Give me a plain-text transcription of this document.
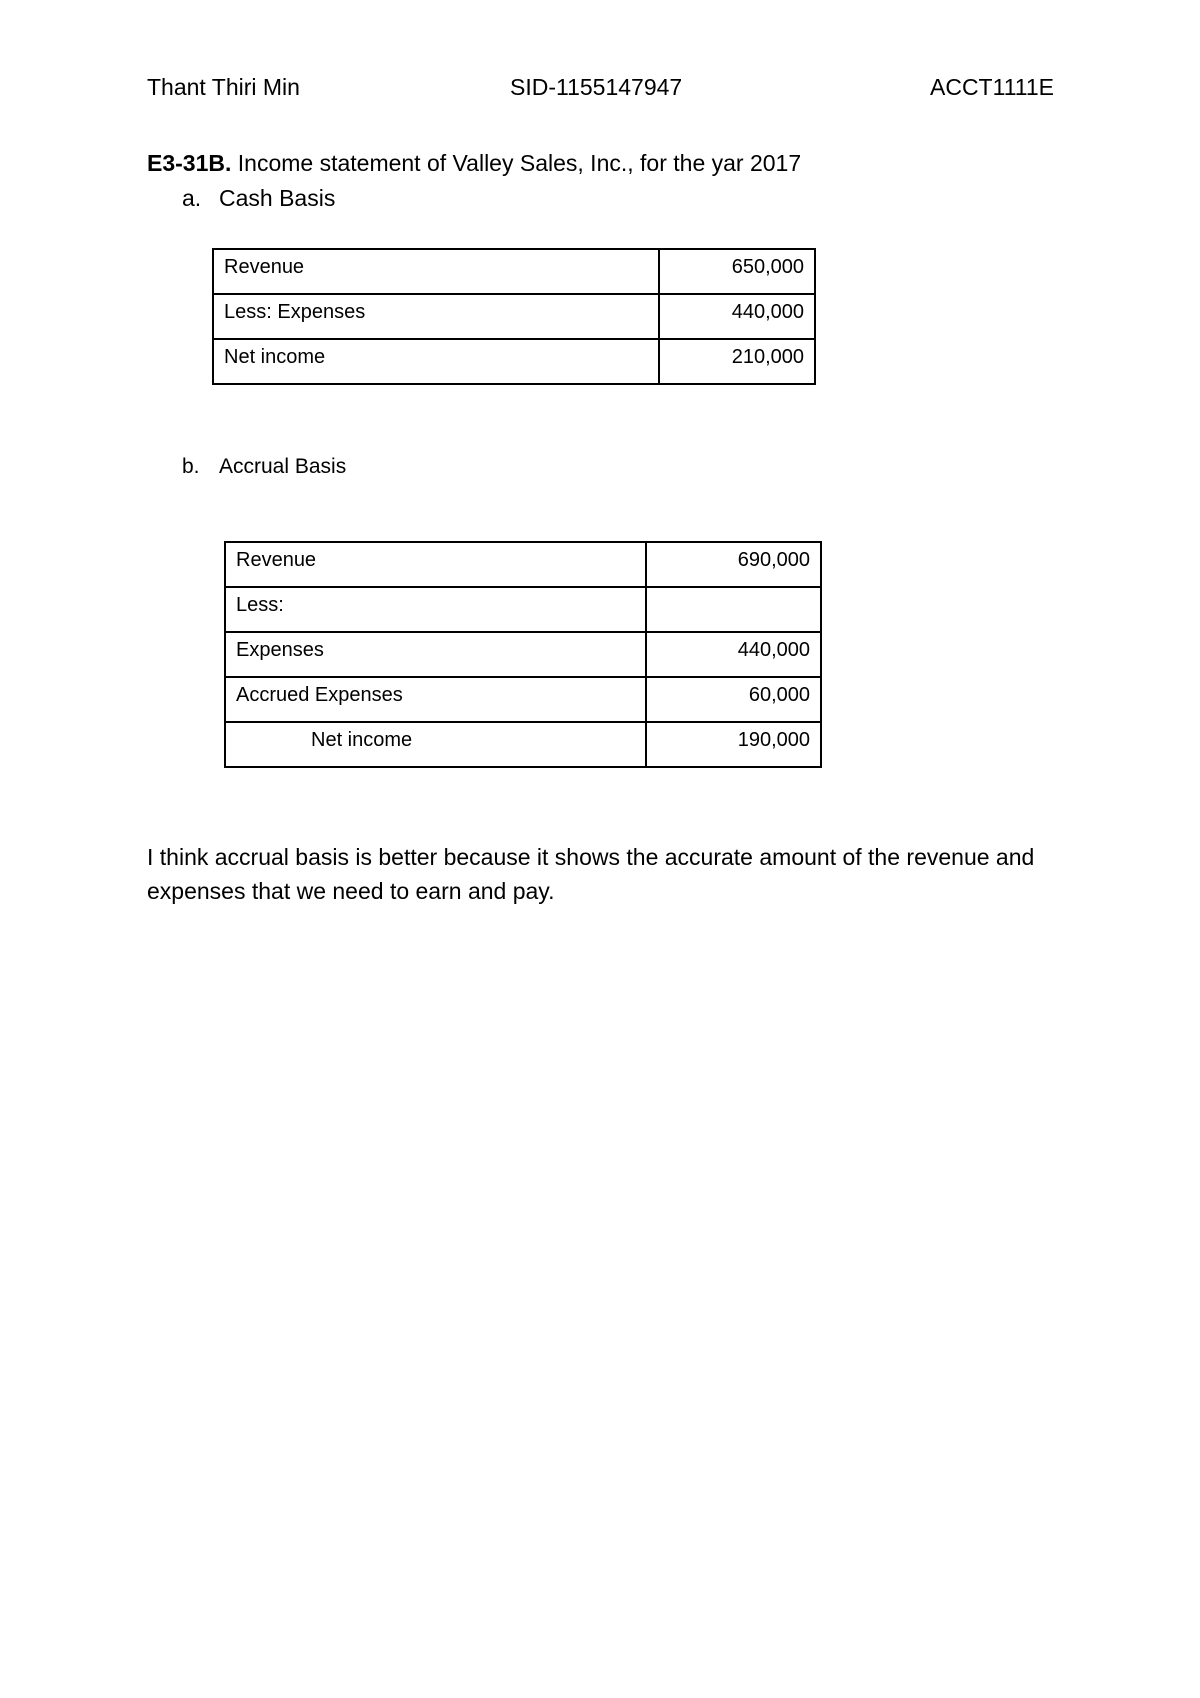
Thant Thiri Min	SID-1155147947	ACCT1111E
E3-31B. Income statement of Valley Sales, Inc., for the yar 2017
a. Cash Basis
Revenue	650,000
Less: Expenses	440,000
Net income	210,000
b. Accrual Basis
Revenue	690,000
Less:	
Expenses	440,000
Accrued Expenses	60,000
Net income	190,000
I think accrual basis is better because it shows the accurate amount of the revenue and expenses that we need to earn and pay.
